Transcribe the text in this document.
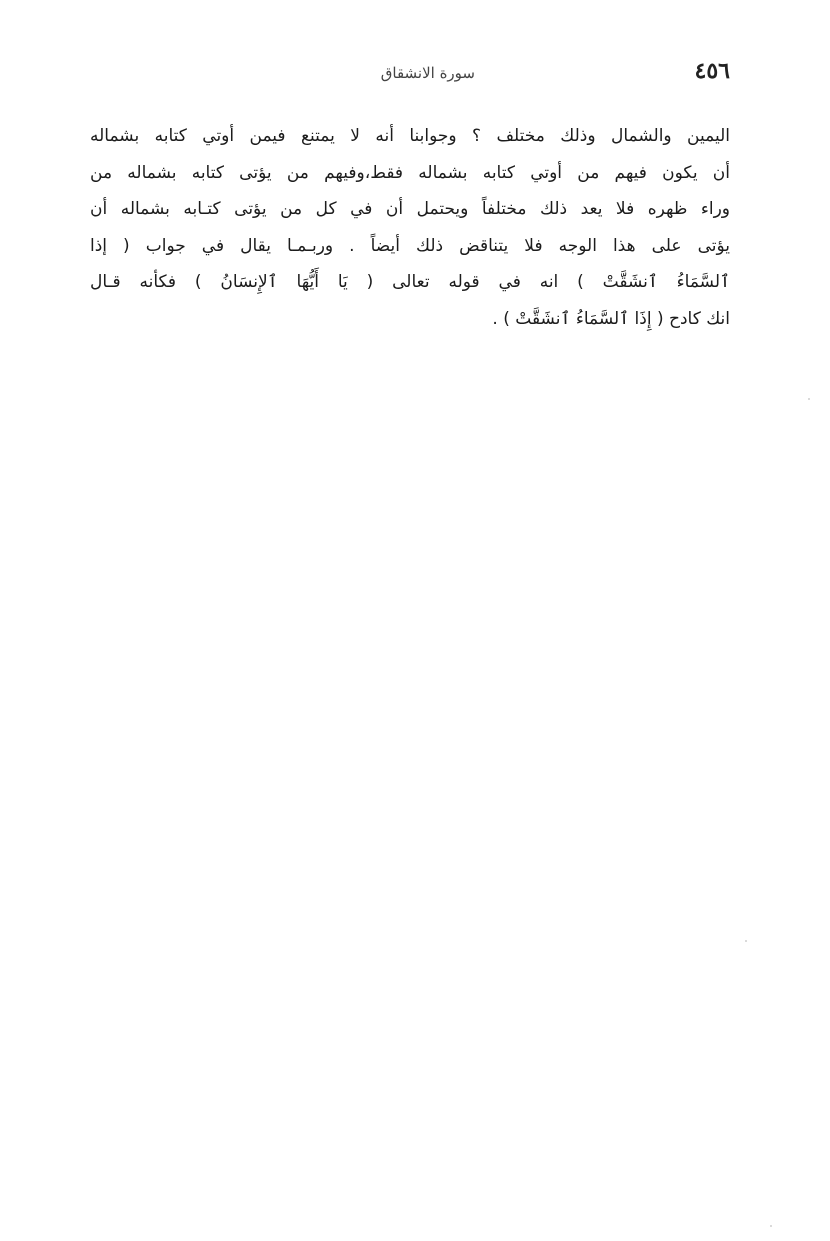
٤٥٦
سورة الانشقاق
اليمين والشمال وذلك مختلف ؟ وجوابنا أنه لا يمتنع فيمن أوتي كتابه بشماله
أن يكون فيهم من أوتي كتابه بشماله فقط،وفيهم من يؤتى كتابه بشماله من
وراء ظهره فلا يعد ذلك مختلفاً ويحتمل أن في كل من يؤتى كتـابه بشماله أن
يؤتى على هذا الوجه فلا يتناقض ذلك أيضاً . وربـمـا يقال في جواب ( إذا
ٱلسَّمَاءُ ٱنشَقَّتْ ) انه في قوله تعالى ( يَا أَيُّهَا ٱلإِنسَانُ ) فكأنه قـال
انك كادح ( إِذَا ٱلسَّمَاءُ ٱنشَقَّتْ ) .
